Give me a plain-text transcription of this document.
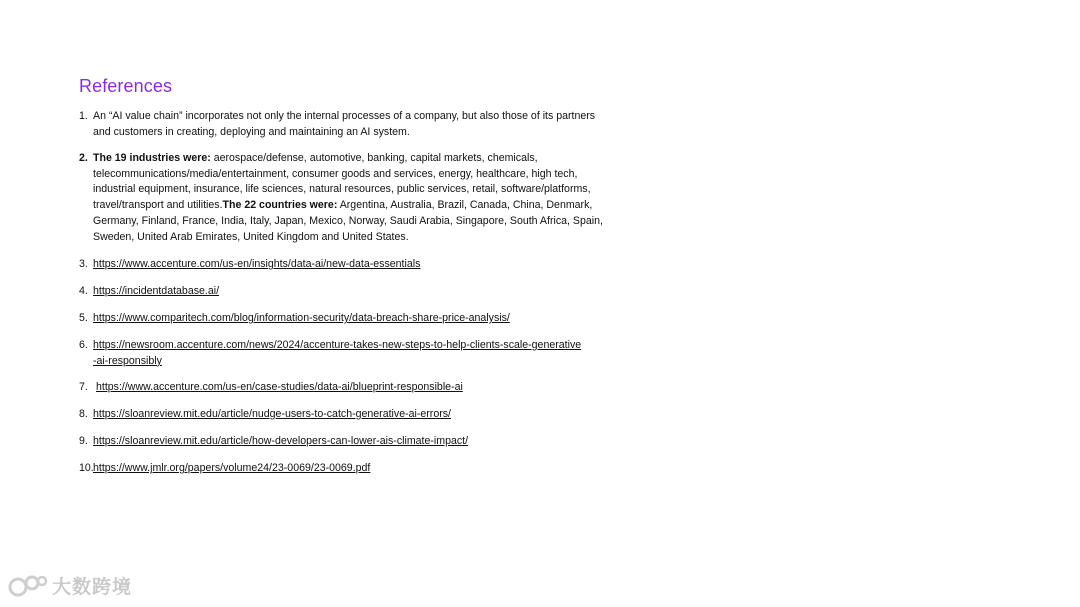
References
1. An “AI value chain” incorporates not only the internal processes of a company, but also those of its partners and customers in creating, deploying and maintaining an AI system.
2. The 19 industries were: aerospace/defense, automotive, banking, capital markets, chemicals, telecommunications/media/entertainment, consumer goods and services, energy, healthcare, high tech, industrial equipment, insurance, life sciences, natural resources, public services, retail, software/platforms, travel/transport and utilities.The 22 countries were: Argentina, Australia, Brazil, Canada, China, Denmark, Germany, Finland, France, India, Italy, Japan, Mexico, Norway, Saudi Arabia, Singapore, South Africa, Spain, Sweden, United Arab Emirates, United Kingdom and United States.
3. https://www.accenture.com/us-en/insights/data-ai/new-data-essentials
4. https://incidentdatabase.ai/
5. https://www.comparitech.com/blog/information-security/data-breach-share-price-analysis/
6. https://newsroom.accenture.com/news/2024/accenture-takes-new-steps-to-help-clients-scale-generative-ai-responsibly
7. https://www.accenture.com/us-en/case-studies/data-ai/blueprint-responsible-ai
8. https://sloanreview.mit.edu/article/nudge-users-to-catch-generative-ai-errors/
9. https://sloanreview.mit.edu/article/how-developers-can-lower-ais-climate-impact/
10. https://www.jmlr.org/papers/volume24/23-0069/23-0069.pdf
大数跨境
